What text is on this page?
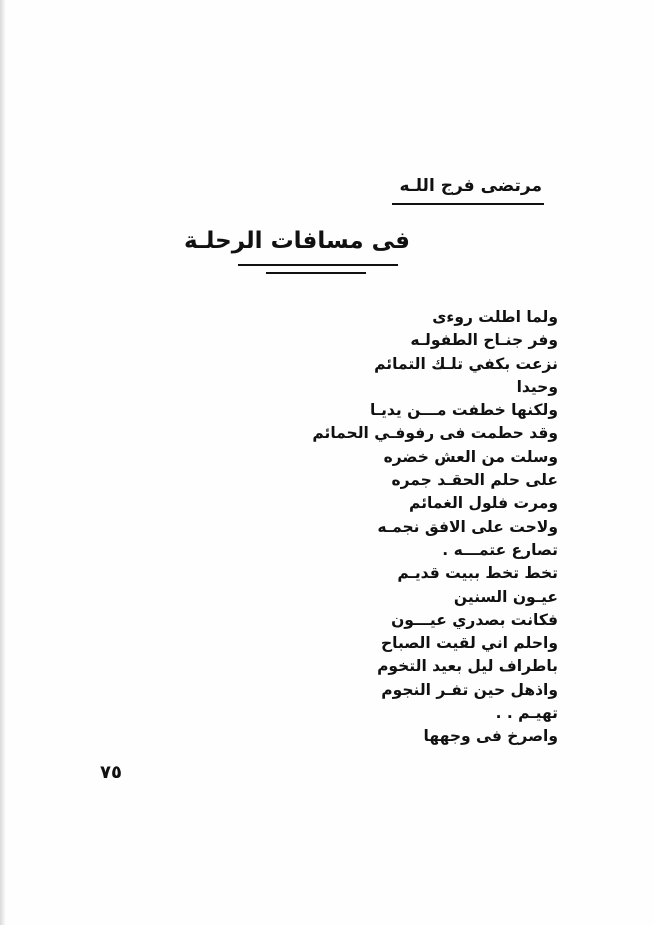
مرتضى فرج اللـه
فى مسافات الرحلـة
ولما اطلت روءى
وفر جنـاح الطفولـه
نزعت بكفي تلـك التمائم
وحيدا
ولكنها خطفت مـــن يديـا
وقد حطمت فى رفوفـي الحمائم
وسلت من العش خضره
على حلم الحقـد جمره
ومرت فلول الغمائم
ولاحت على الافق نجمـه
تصارع عتمـــه .
تخط تخط ببيت قديـم
عيـون السنين
فكانت بصدري عيـــون
واحلم اني لقيت الصباح
باطراف ليل بعيد التخوم
واذهل حين تفـر النجوم
تهيـم . .
واصرخ فى وجهها
٧٥
